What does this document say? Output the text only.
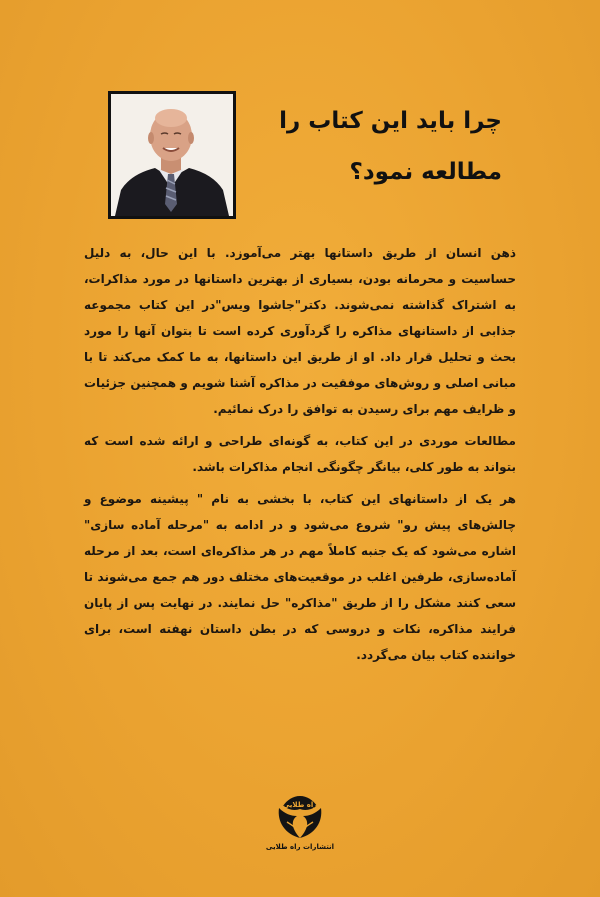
چرا باید این کتاب را
مطالعه نمود؟

ذهن انسان از طریق داستانها بهتر می‌آموزد. با این حال، به دلیل حساسیت و محرمانه بودن، بسیاری از بهترین داستانها در مورد مذاکرات، به اشتراک گذاشته نمی‌شوند. دکتر"جاشوا ویس"در این کتاب مجموعه جذابی از داستانهای مذاکره را گردآوری کرده است تا بتوان آنها را مورد بحث و تحلیل قرار داد. او از طریق این داستانها، به ما کمک می‌کند تا با مبانی اصلی و روش‌های موفقیت در مذاکره آشنا شویم و همچنین جزئیات و ظرایف مهم برای رسیدن به توافق را درک نمائیم.

مطالعات موردی در این کتاب، به گونه‌ای طراحی و ارائه شده است که بتواند به طور کلی، بیانگر چگونگی انجام مذاکرات باشد.

هر یک از داستانهای این کتاب، با بخشی به نام " پیشینه موضوع و چالش‌های پیش رو" شروع می‌شود و در ادامه به "مرحله آماده سازی" اشاره می‌شود که یک جنبه کاملاً مهم در هر مذاکره‌ای است، بعد از مرحله آماده‌سازی، طرفین اغلب در موقعیت‌های مختلف دور هم جمع می‌شوند تا سعی کنند مشکل را از طریق "مذاکره" حل نمایند. در نهایت پس از پایان فرایند مذاکره، نکات و دروسی که در بطن داستان نهفته است، برای خواننده کتاب بیان می‌گردد.

راه طلایی
انتشارات راه طلایی
